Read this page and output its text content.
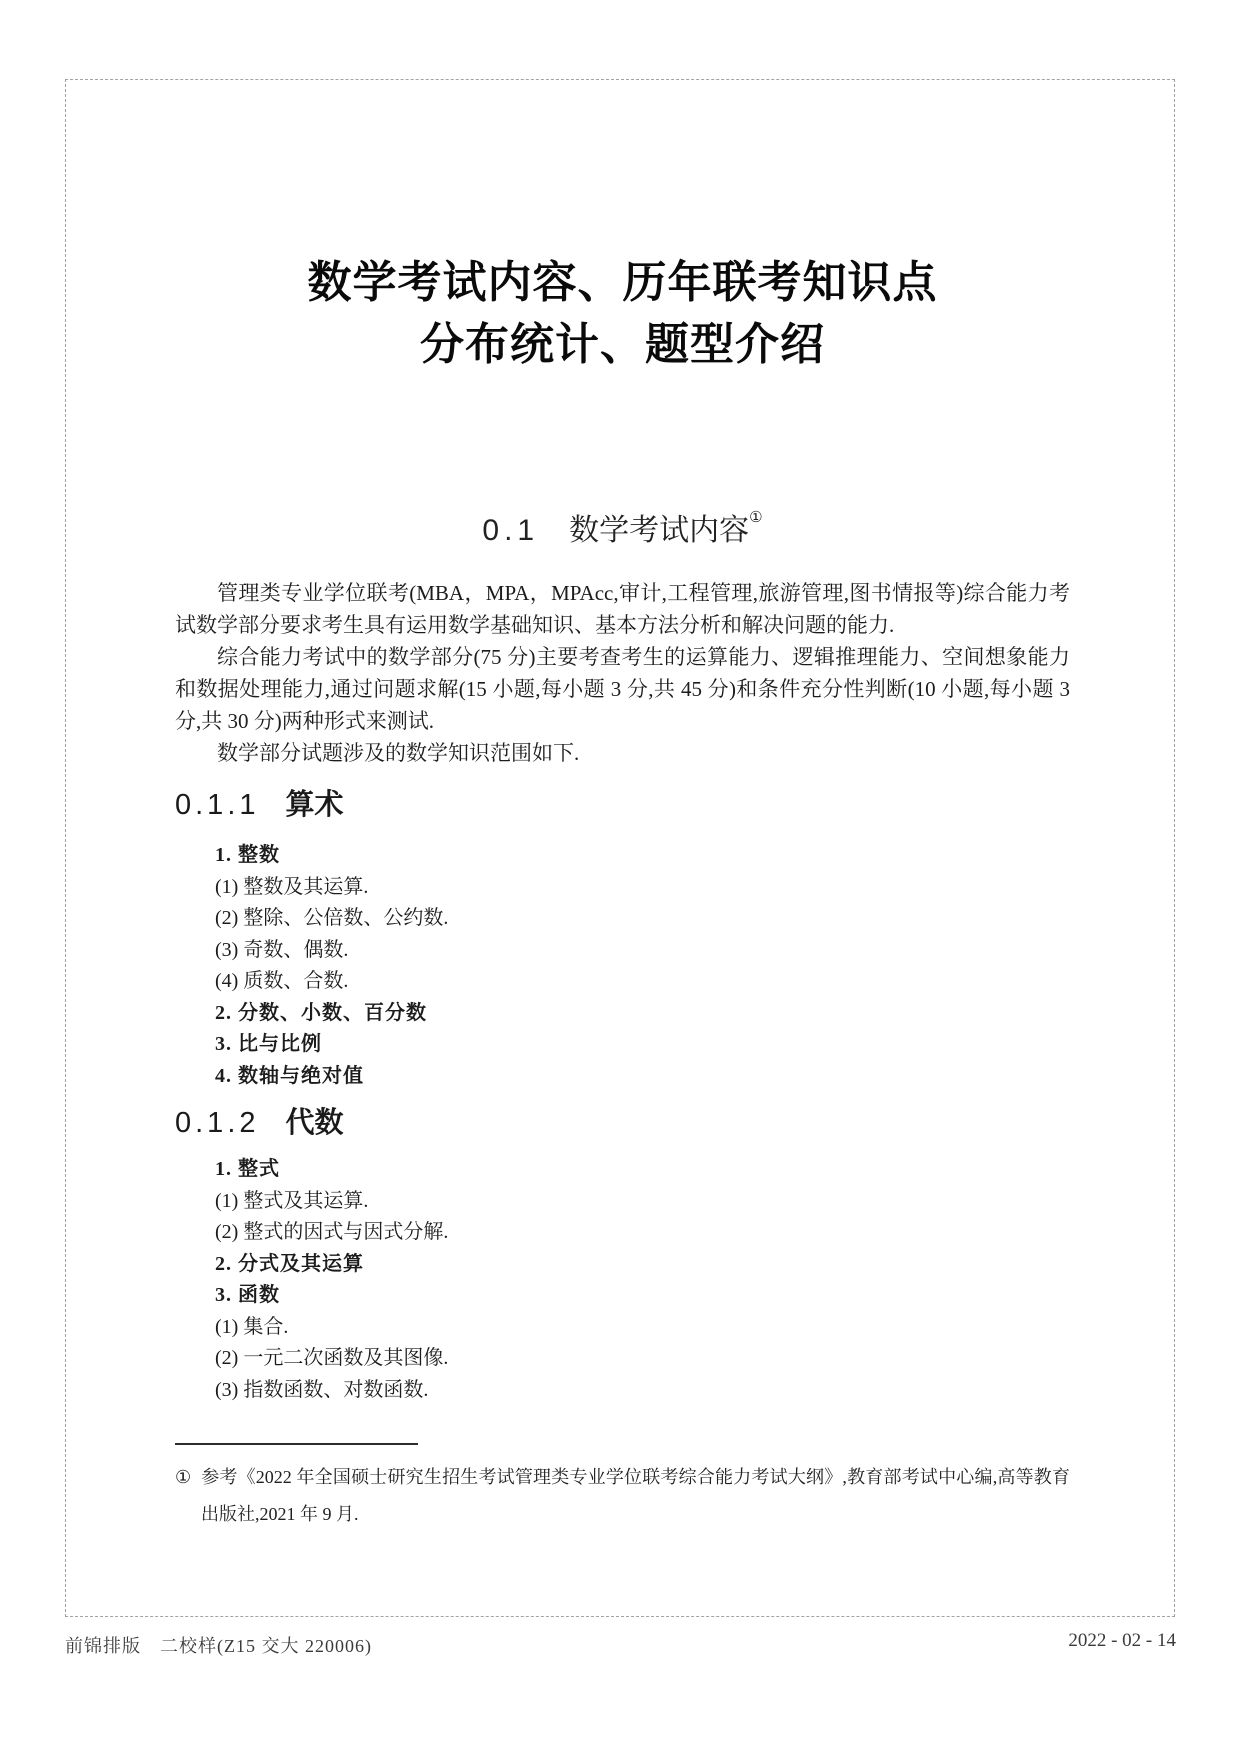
数学考试内容、历年联考知识点
分布统计、题型介绍
0.1 数学考试内容①

管理类专业学位联考(MBA，MPA，MPAcc,审计,工程管理,旅游管理,图书情报等)综合能力考试数学部分要求考生具有运用数学基础知识、基本方法分析和解决问题的能力.

综合能力考试中的数学部分(75 分)主要考查考生的运算能力、逻辑推理能力、空间想象能力和数据处理能力,通过问题求解(15 小题,每小题 3 分,共 45 分)和条件充分性判断(10 小题,每小题 3 分,共 30 分)两种形式来测试.

数学部分试题涉及的数学知识范围如下.

0.1.1 算术
1. 整数
(1) 整数及其运算.
(2) 整除、公倍数、公约数.
(3) 奇数、偶数.
(4) 质数、合数.
2. 分数、小数、百分数
3. 比与比例
4. 数轴与绝对值
0.1.2 代数
1. 整式
(1) 整式及其运算.
(2) 整式的因式与因式分解.
2. 分式及其运算
3. 函数
(1) 集合.
(2) 一元二次函数及其图像.
(3) 指数函数、对数函数.
① 参考《2022 年全国硕士研究生招生考试管理类专业学位联考综合能力考试大纲》,教育部考试中心编,高等教育出版社,2021 年 9 月.
前锦排版　二校样(Z15 交大 220006)	2022 - 02 - 14
